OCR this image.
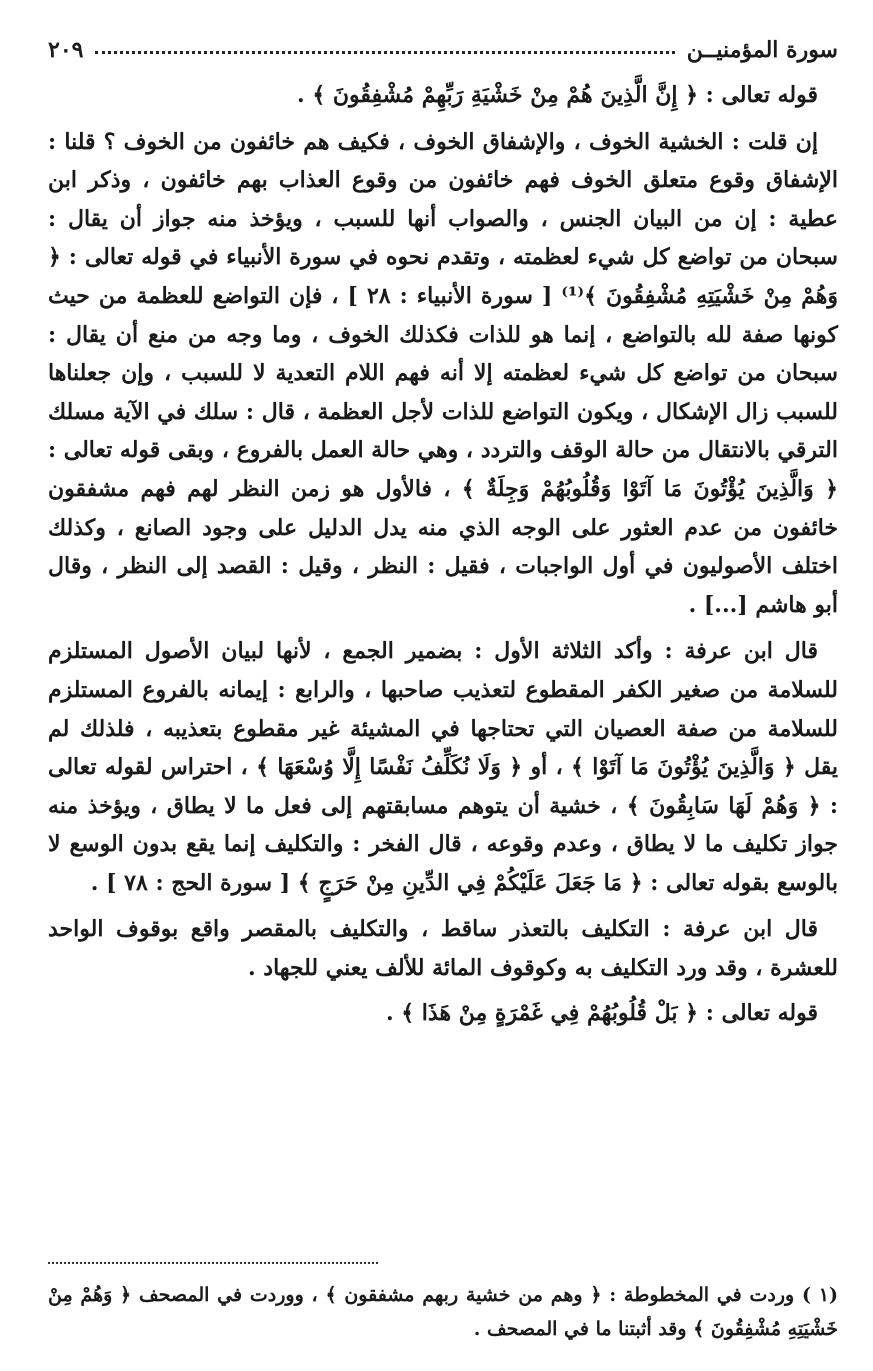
سورة المؤمنيــن
٢٠٩

قوله تعالى : ﴿ إِنَّ الَّذِينَ هُمْ مِنْ خَشْيَةِ رَبِّهِمْ مُشْفِقُونَ ﴾ .

إن قلت : الخشية الخوف ، والإشفاق الخوف ، فكيف هم خائفون من الخوف ؟ قلنا : الإشفاق وقوع متعلق الخوف فهم خائفون من وقوع العذاب بهم خائفون ، وذكر ابن عطية : إن من البيان الجنس ، والصواب أنها للسبب ، ويؤخذ منه جواز أن يقال : سبحان من تواضع كل شيء لعظمته ، وتقدم نحوه في سورة الأنبياء في قوله تعالى : ﴿ وَهُمْ مِنْ خَشْيَتِهِ مُشْفِقُونَ ﴾⁽¹⁾ [ سورة الأنبياء : ٢٨ ] ، فإن التواضع للعظمة من حيث كونها صفة لله بالتواضع ، إنما هو للذات فكذلك الخوف ، وما وجه من منع أن يقال : سبحان من تواضع كل شيء لعظمته إلا أنه فهم اللام التعدية لا للسبب ، وإن جعلناها للسبب زال الإشكال ، ويكون التواضع للذات لأجل العظمة ، قال : سلك في الآية مسلك الترقي بالانتقال من حالة الوقف والتردد ، وهي حالة العمل بالفروع ، وبقى قوله تعالى : ﴿ وَالَّذِينَ يُؤْتُونَ مَا آتَوْا وَقُلُوبُهُمْ وَجِلَةٌ ﴾ ، فالأول هو زمن النظر لهم فهم مشفقون خائفون من عدم العثور على الوجه الذي منه يدل الدليل على وجود الصانع ، وكذلك اختلف الأصوليون في أول الواجبات ، فقيل : النظر ، وقيل : القصد إلى النظر ، وقال أبو هاشم [...] .

قال ابن عرفة : وأكد الثلاثة الأول : بضمير الجمع ، لأنها لبيان الأصول المستلزم للسلامة من صغير الكفر المقطوع لتعذيب صاحبها ، والرابع : إيمانه بالفروع المستلزم للسلامة من صفة العصيان التي تحتاجها في المشيئة غير مقطوع بتعذيبه ، فلذلك لم يقل ﴿ وَالَّذِينَ يُؤْتُونَ مَا آتَوْا ﴾ ، أو ﴿ وَلَا نُكَلِّفُ نَفْسًا إِلَّا وُسْعَهَا ﴾ ، احتراس لقوله تعالى : ﴿ وَهُمْ لَهَا سَابِقُونَ ﴾ ، خشية أن يتوهم مسابقتهم إلى فعل ما لا يطاق ، ويؤخذ منه جواز تكليف ما لا يطاق ، وعدم وقوعه ، قال الفخر : والتكليف إنما يقع بدون الوسع لا بالوسع بقوله تعالى : ﴿ مَا جَعَلَ عَلَيْكُمْ فِي الدِّينِ مِنْ حَرَجٍ ﴾ [ سورة الحج : ٧٨ ] .

قال ابن عرفة : التكليف بالتعذر ساقط ، والتكليف بالمقصر واقع بوقوف الواحد للعشرة ، وقد ورد التكليف به وكوقوف المائة للألف يعني للجهاد .

قوله تعالى : ﴿ بَلْ قُلُوبُهُمْ فِي غَمْرَةٍ مِنْ هَذَا ﴾ .

(١ ) وردت في المخطوطة : ﴿ وهم من خشية ربهم مشفقون ﴾ ، ووردت في المصحف ﴿ وَهُمْ مِنْ خَشْيَتِهِ مُشْفِقُونَ ﴾ وقد أثبتنا ما في المصحف .
